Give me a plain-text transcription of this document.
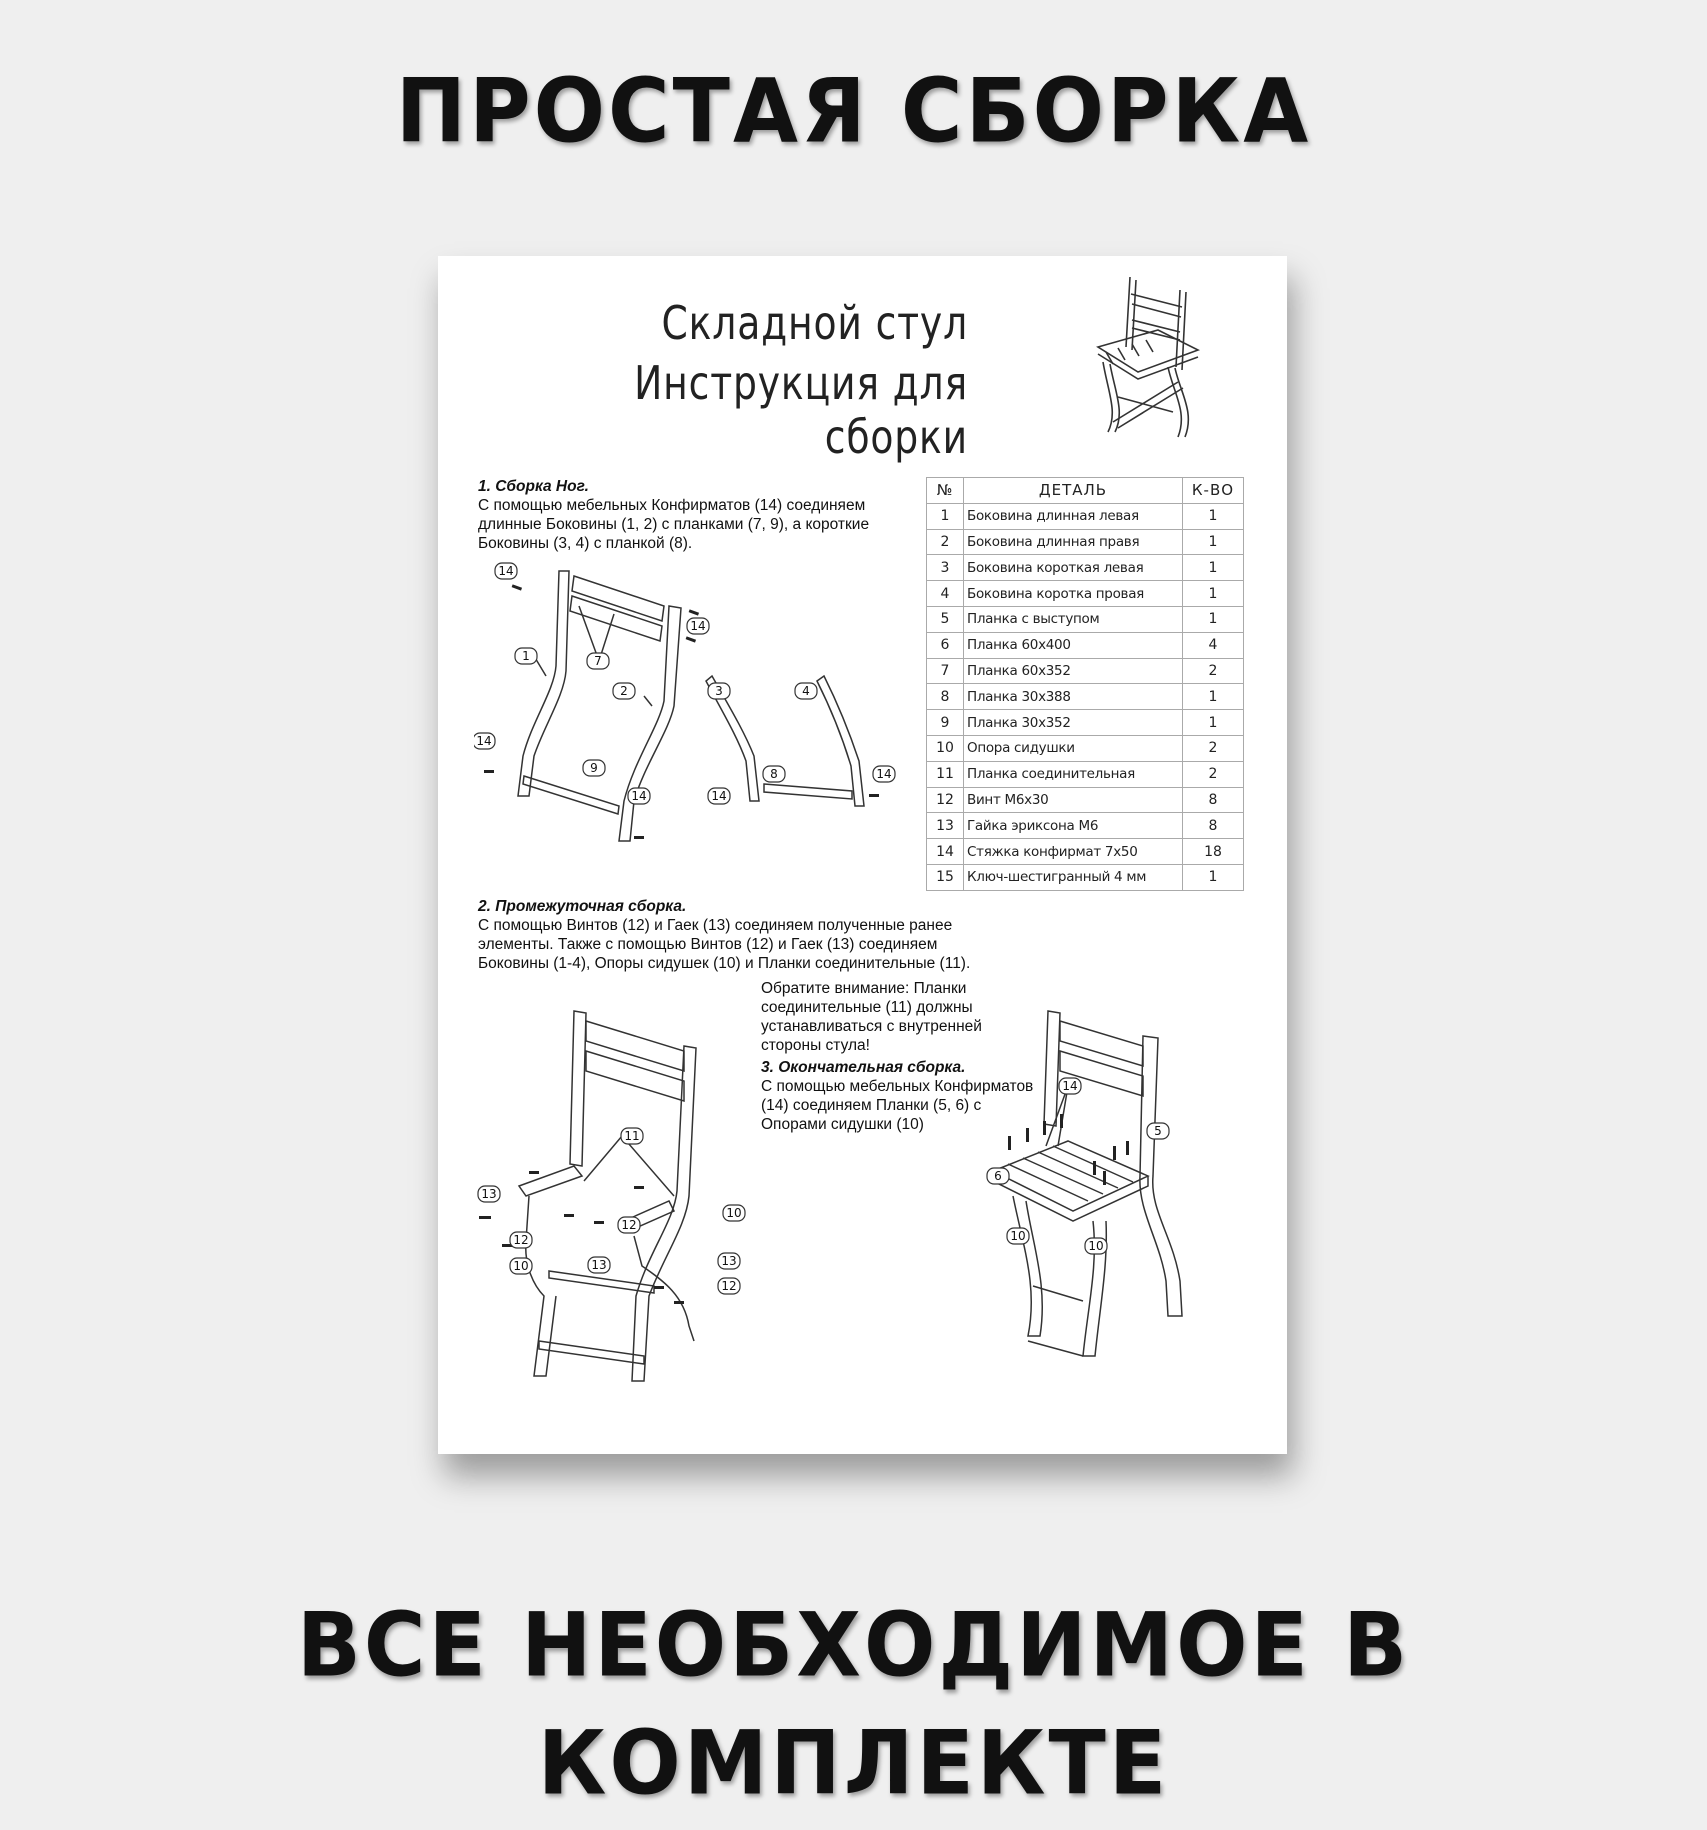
ПРОСТАЯ СБОРКА
Складной стул
Инструкция для сборки
1. Сборка Ног.
С помощью мебельных Конфирматов (14) соединяем
длинные Боковины (1, 2) с планками (7, 9), а короткие
Боковины (3, 4) с планкой (8).
№	ДЕТАЛЬ	К-ВО
1	Боковина длинная левая	1
2	Боковина длинная правя	1
3	Боковина короткая левая	1
4	Боковина коротка провая	1
5	Планка с выступом	1
6	Планка 60х400	4
7	Планка 60х352	2
8	Планка 30х388	1
9	Планка 30х352	1
10	Опора сидушки	2
11	Планка соединительная	2
12	Винт М6х30	8
13	Гайка эриксона М6	8
14	Стяжка конфирмат 7х50	18
15	Ключ-шестигранный 4 мм	1
14
7
14
1
2	3	4
14
9
14
8	14
14
2. Промежуточная сборка.
С помощью Винтов (12) и Гаек (13) соединяем полученные ранее
элементы. Также с помощью Винтов (12) и Гаек (13) соединяем
Боковины (1-4), Опоры сидушек (10) и Планки соединительные (11).
Обратите внимание: Планки
соединительные (11) должны
устанавливаться с внутренней
стороны стула!
3. Окончательная сборка.
С помощью мебельных Конфирматов
(14) соединяем Планки (5, 6) с
Опорами сидушки (10)
11
13
12
10
12
10	13	13
12
14
5
6
10
10
ВСЕ НЕОБХОДИМОЕ В
КОМПЛЕКТЕ
